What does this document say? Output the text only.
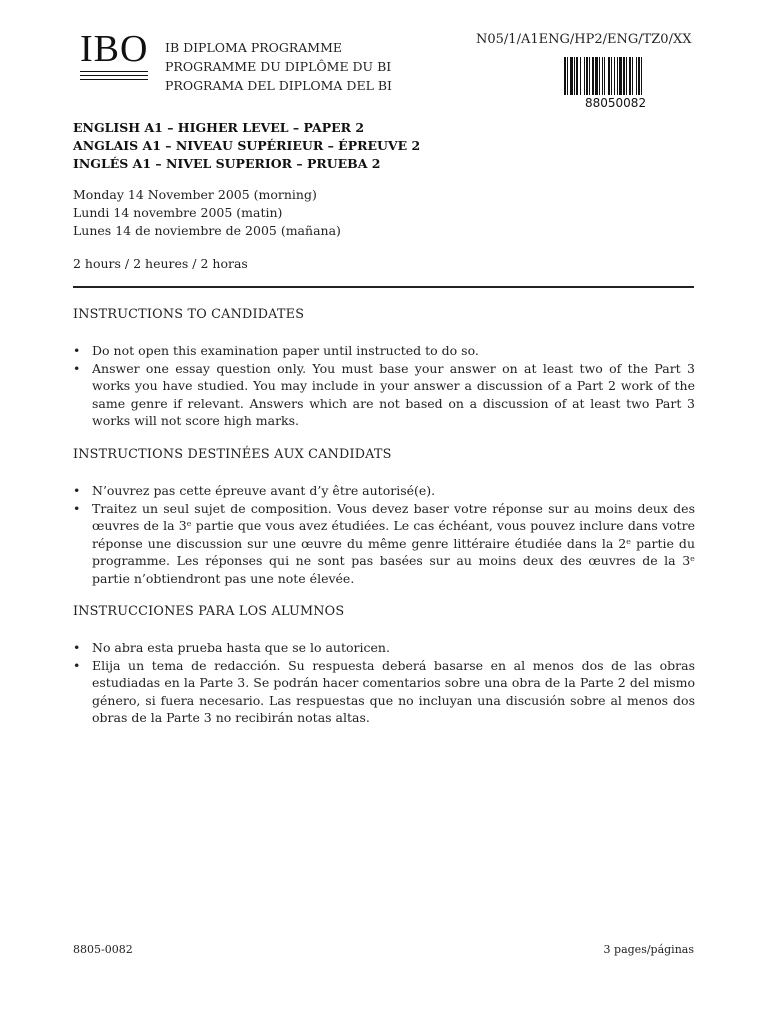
IBO IB DIPLOMA PROGRAMME
PROGRAMME DU DIPLÔME DU BI
PROGRAMA DEL DIPLOMA DEL BI
N05/1/A1ENG/HP2/ENG/TZ0/XX
88050082
ENGLISH A1 – HIGHER LEVEL – PAPER 2
ANGLAIS A1 – NIVEAU SUPÉRIEUR – ÉPREUVE 2
INGLÉS A1 – NIVEL SUPERIOR – PRUEBA 2
Monday 14 November 2005 (morning)
Lundi 14 novembre 2005 (matin)
Lunes 14 de noviembre de 2005 (mañana)
2 hours / 2 heures / 2 horas
INSTRUCTIONS TO CANDIDATES
• Do not open this examination paper until instructed to do so.
• Answer one essay question only. You must base your answer on at least two of the Part 3 works you have studied. You may include in your answer a discussion of a Part 2 work of the same genre if relevant. Answers which are not based on a discussion of at least two Part 3 works will not score high marks.
INSTRUCTIONS DESTINÉES AUX CANDIDATS
• N’ouvrez pas cette épreuve avant d’y être autorisé(e).
• Traitez un seul sujet de composition. Vous devez baser votre réponse sur au moins deux des œuvres de la 3ᵉ partie que vous avez étudiées. Le cas échéant, vous pouvez inclure dans votre réponse une discussion sur une œuvre du même genre littéraire étudiée dans la 2ᵉ partie du programme. Les réponses qui ne sont pas basées sur au moins deux des œuvres de la 3ᵉ partie n’obtiendront pas une note élevée.
INSTRUCCIONES PARA LOS ALUMNOS
• No abra esta prueba hasta que se lo autoricen.
• Elija un tema de redacción. Su respuesta deberá basarse en al menos dos de las obras estudiadas en la Parte 3. Se podrán hacer comentarios sobre una obra de la Parte 2 del mismo género, si fuera necesario. Las respuestas que no incluyan una discusión sobre al menos dos obras de la Parte 3 no recibirán notas altas.
8805-0082	3 pages/páginas
